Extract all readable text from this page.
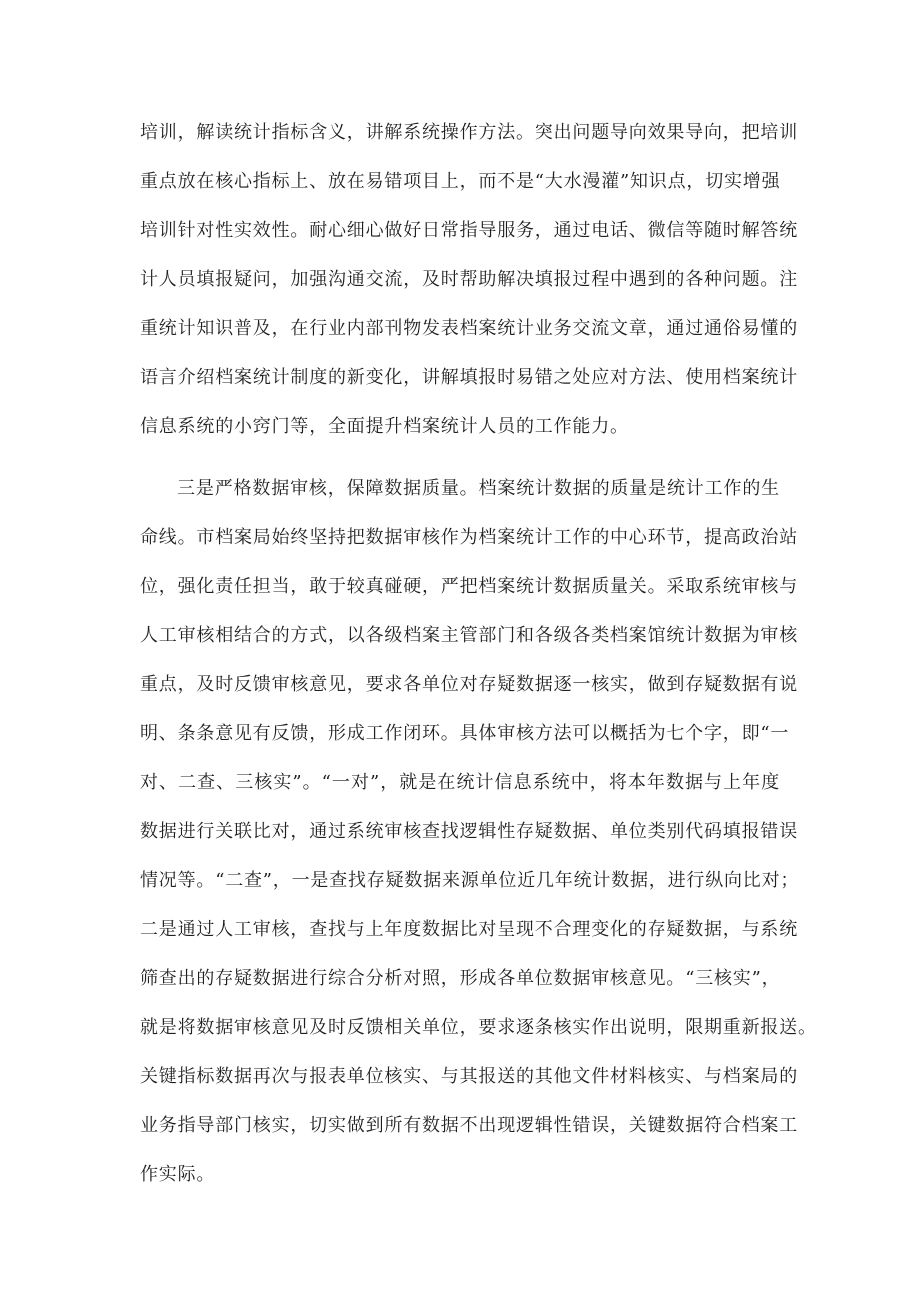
培训，解读统计指标含义，讲解系统操作方法。突出问题导向效果导向，把培训
重点放在核心指标上、放在易错项目上，而不是“大水漫灌”知识点，切实增强
培训针对性实效性。耐心细心做好日常指导服务，通过电话、微信等随时解答统
计人员填报疑问，加强沟通交流，及时帮助解决填报过程中遇到的各种问题。注
重统计知识普及，在行业内部刊物发表档案统计业务交流文章，通过通俗易懂的
语言介绍档案统计制度的新变化，讲解填报时易错之处应对方法、使用档案统计
信息系统的小窍门等，全面提升档案统计人员的工作能力。
三是严格数据审核，保障数据质量。档案统计数据的质量是统计工作的生
命线。市档案局始终坚持把数据审核作为档案统计工作的中心环节，提高政治站
位，强化责任担当，敢于较真碰硬，严把档案统计数据质量关。采取系统审核与
人工审核相结合的方式，以各级档案主管部门和各级各类档案馆统计数据为审核
重点，及时反馈审核意见，要求各单位对存疑数据逐一核实，做到存疑数据有说
明、条条意见有反馈，形成工作闭环。具体审核方法可以概括为七个字，即“一
对、二查、三核实”。“一对”，就是在统计信息系统中，将本年数据与上年度
数据进行关联比对，通过系统审核查找逻辑性存疑数据、单位类别代码填报错误
情况等。“二查”，一是查找存疑数据来源单位近几年统计数据，进行纵向比对；
二是通过人工审核，查找与上年度数据比对呈现不合理变化的存疑数据，与系统
筛查出的存疑数据进行综合分析对照，形成各单位数据审核意见。“三核实”，
就是将数据审核意见及时反馈相关单位，要求逐条核实作出说明，限期重新报送。
关键指标数据再次与报表单位核实、与其报送的其他文件材料核实、与档案局的
业务指导部门核实，切实做到所有数据不出现逻辑性错误，关键数据符合档案工
作实际。
